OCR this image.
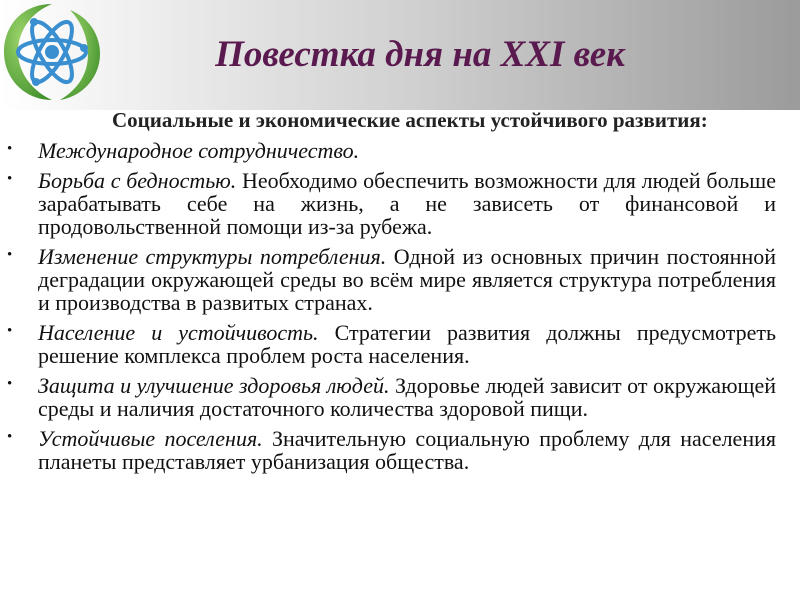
Повестка дня на XXI век

Социальные и экономические аспекты устойчивого развития:

• Международное сотрудничество.
• Борьба с бедностью. Необходимо обеспечить возможности для людей больше зарабатывать себе на жизнь, а не зависеть от финансовой и продовольственной помощи из-за рубежа.
• Изменение структуры потребления. Одной из основных причин постоянной деградации окружающей среды во всём мире является структура потребления и производства в развитых странах.
• Население и устойчивость. Стратегии развития должны предусмотреть решение комплекса проблем роста населения.
• Защита и улучшение здоровья людей. Здоровье людей зависит от окружающей среды и наличия достаточного количества здоровой пищи.
• Устойчивые поселения. Значительную социальную проблему для населения планеты представляет урбанизация общества.
